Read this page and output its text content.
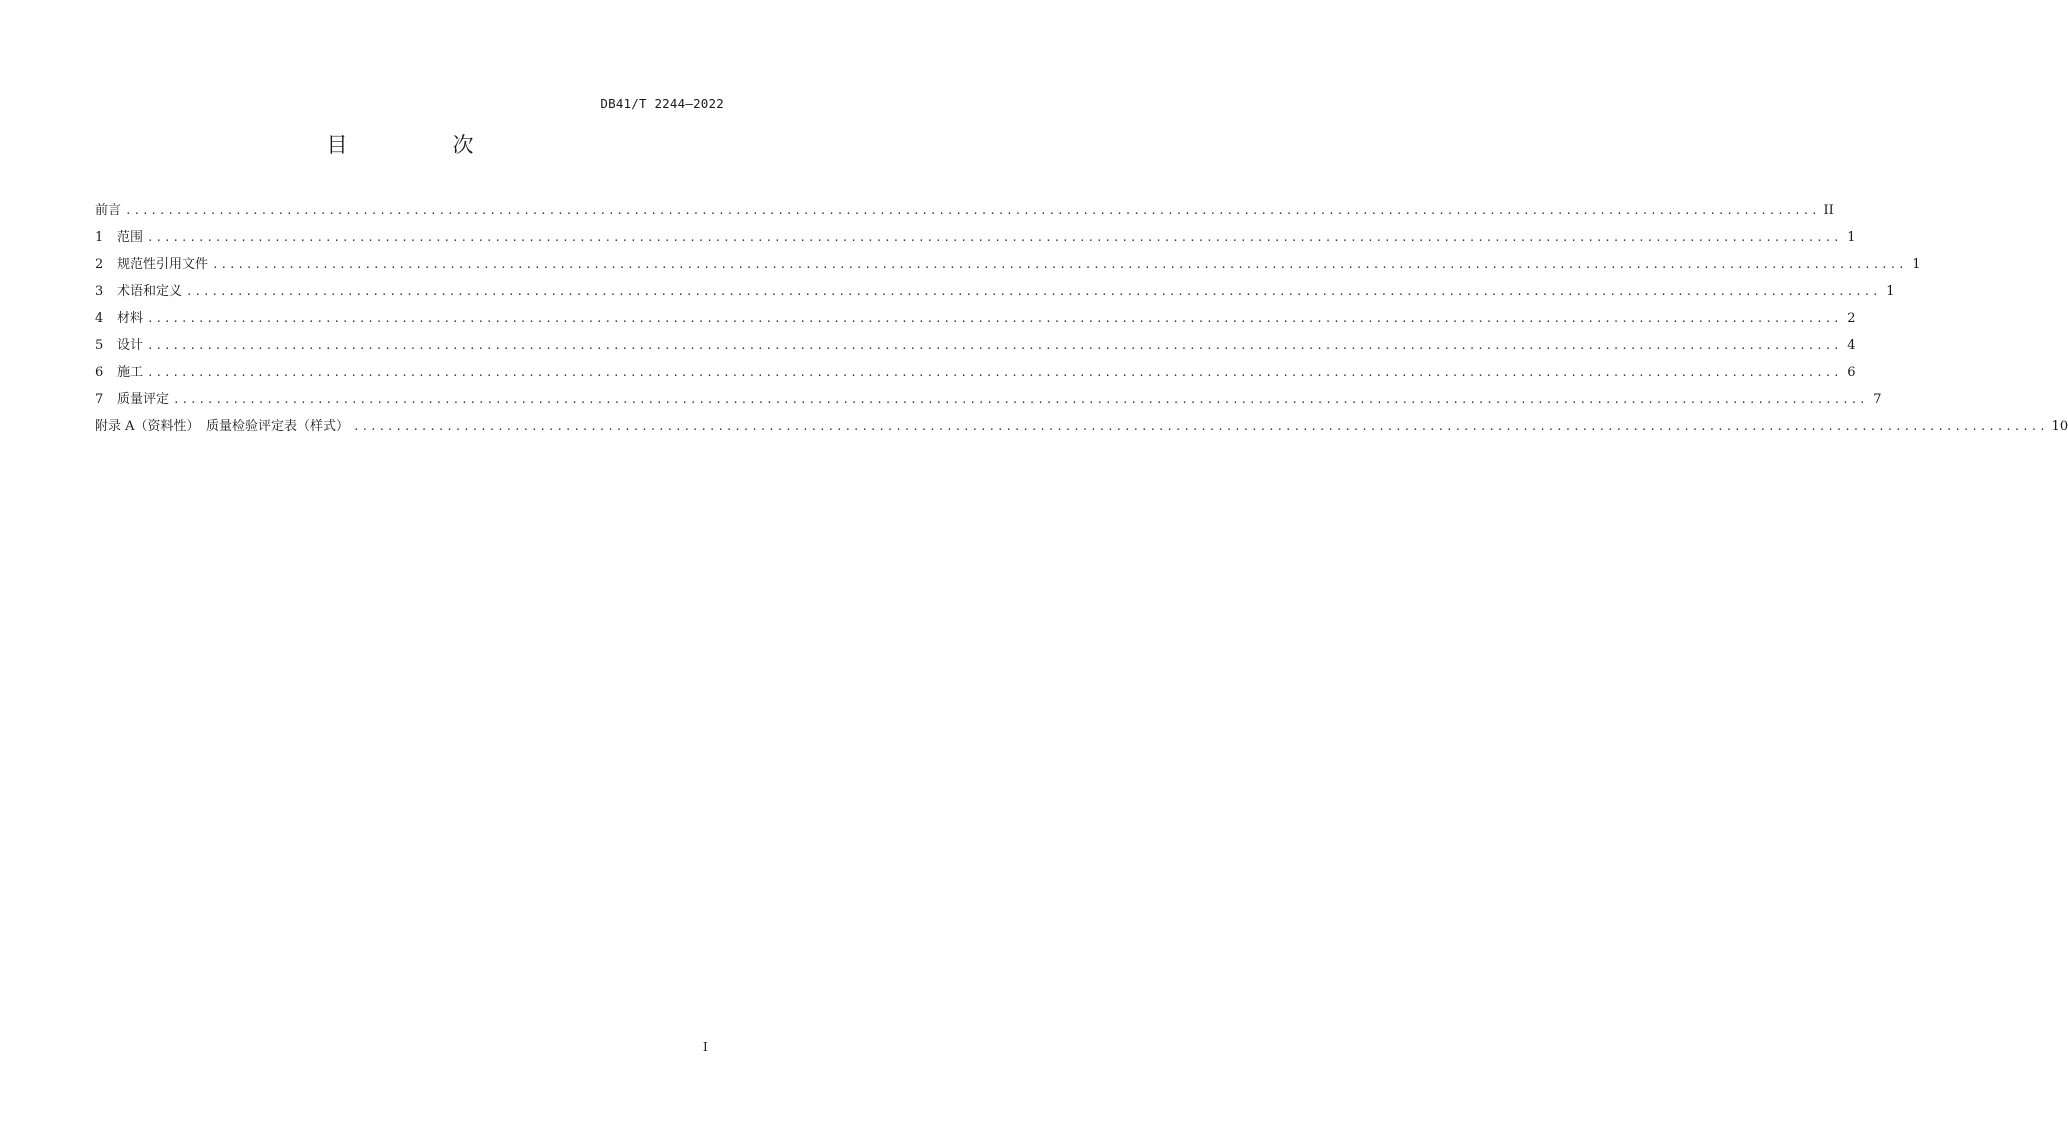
DB41/T 2244—2022
目　次
前言 ........................................................................................................................................................................................................ II
1 范围 ........................................................................................................................................................................................................ 1
2 规范性引用文件 ........................................................................................................................................................................................................ 1
3 术语和定义 ........................................................................................................................................................................................................ 1
4 材料 ........................................................................................................................................................................................................ 2
5 设计 ........................................................................................................................................................................................................ 4
6 施工 ........................................................................................................................................................................................................ 6
7 质量评定 ........................................................................................................................................................................................................ 7
附录 A（资料性）　质量检验评定表（样式） ........................................................................................................................................................................................................ 10
I
